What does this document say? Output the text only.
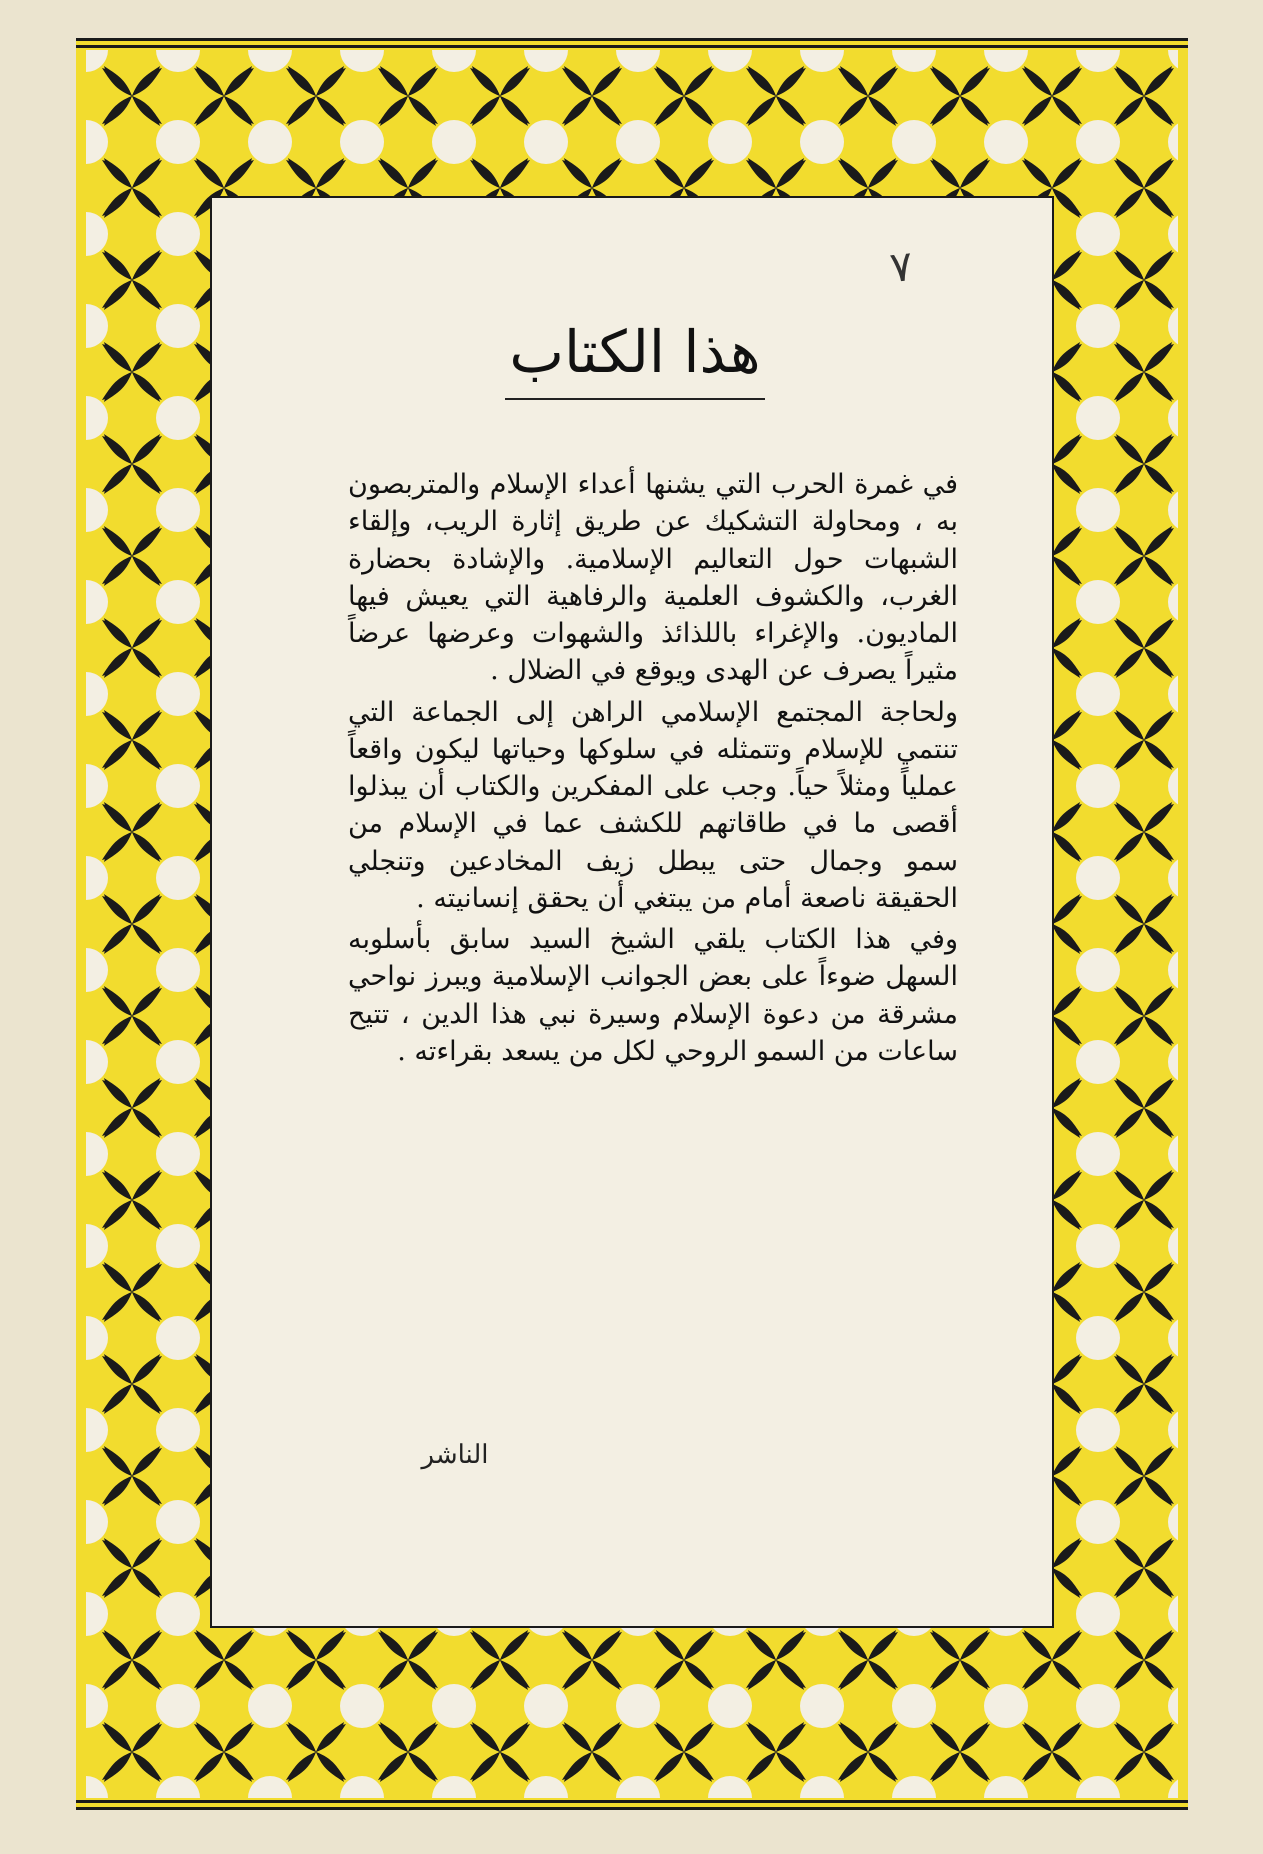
٧
هذا الكتاب

في غمرة الحرب التي يشنها أعداء الإسلام والمتربصون به ، ومحاولة التشكيك عن طريق إثارة الريب، وإلقاء الشبهات حول التعاليم الإسلامية. والإشادة بحضارة الغرب، والكشوف العلمية والرفاهية التي يعيش فيها الماديون. والإغراء باللذائذ والشهوات وعرضها عرضاً مثيراً يصرف عن الهدى ويوقع في الضلال .

ولحاجة المجتمع الإسلامي الراهن إلى الجماعة التي تنتمي للإسلام وتتمثله في سلوكها وحياتها ليكون واقعاً عملياً ومثلاً حياً. وجب على المفكرين والكتاب أن يبذلوا أقصى ما في طاقاتهم للكشف عما في الإسلام من سمو وجمال حتى يبطل زيف المخادعين وتنجلي الحقيقة ناصعة أمام من يبتغي أن يحقق إنسانيته .

وفي هذا الكتاب يلقي الشيخ السيد سابق بأسلوبه السهل ضوءاً على بعض الجوانب الإسلامية ويبرز نواحي مشرقة من دعوة الإسلام وسيرة نبي هذا الدين ، تتيح ساعات من السمو الروحي لكل من يسعد بقراءته .

الناشر
